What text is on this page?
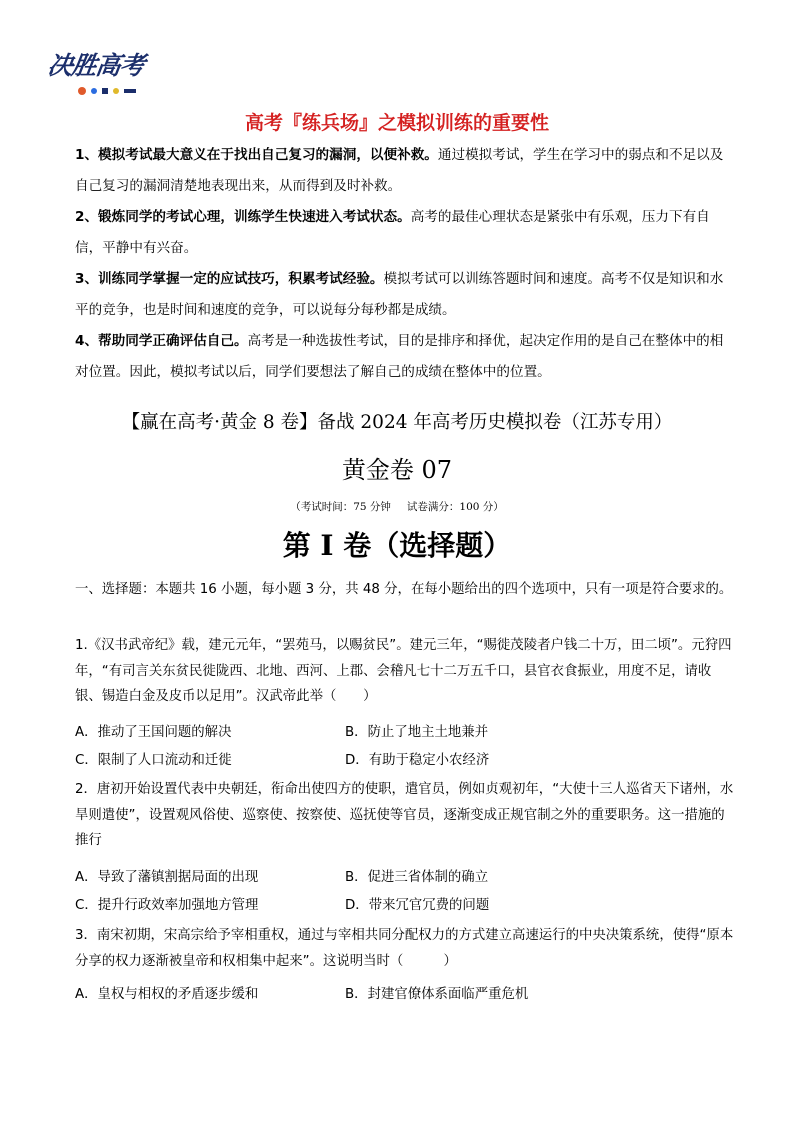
决胜高考
高考『练兵场』之模拟训练的重要性
1、模拟考试最大意义在于找出自己复习的漏洞，以便补救。通过模拟考试，学生在学习中的弱点和不足以及自己复习的漏洞清楚地表现出来，从而得到及时补救。
2、锻炼同学的考试心理，训练学生快速进入考试状态。高考的最佳心理状态是紧张中有乐观，压力下有自信，平静中有兴奋。
3、训练同学掌握一定的应试技巧，积累考试经验。模拟考试可以训练答题时间和速度。高考不仅是知识和水平的竞争，也是时间和速度的竞争，可以说每分每秒都是成绩。
4、帮助同学正确评估自己。高考是一种选拔性考试，目的是排序和择优，起决定作用的是自己在整体中的相对位置。因此，模拟考试以后，同学们要想法了解自己的成绩在整体中的位置。
【赢在高考·黄金 8 卷】备战 2024 年高考历史模拟卷（江苏专用）
黄金卷 07
（考试时间：75 分钟 试卷满分：100 分）
第 I 卷（选择题）
一、选择题：本题共 16 小题，每小题 3 分，共 48 分，在每小题给出的四个选项中，只有一项是符合要求的。
1.《汉书武帝纪》载，建元元年，“罢苑马，以赐贫民”。建元三年，“赐徙茂陵者户钱二十万，田二顷”。元狩四年，“有司言关东贫民徙陇西、北地、西河、上郡、会稽凡七十二万五千口，县官衣食振业，用度不足，请收银、锡造白金及皮币以足用”。汉武帝此举（　　）
A．推动了王国问题的解决	B．防止了地主土地兼并
C．限制了人口流动和迁徙	D．有助于稳定小农经济
2．唐初开始设置代表中央朝廷，衔命出使四方的使职，遣官员，例如贞观初年，“大使十三人巡省天下诸州，水旱则遣使”，设置观风俗使、巡察使、按察使、巡抚使等官员，逐渐变成正规官制之外的重要职务。这一措施的推行
A．导致了藩镇割据局面的出现	B．促进三省体制的确立
C．提升行政效率加强地方管理	D．带来冗官冗费的问题
3．南宋初期，宋高宗给予宰相重权，通过与宰相共同分配权力的方式建立高速运行的中央决策系统，使得“原本分享的权力逐渐被皇帝和权相集中起来”。这说明当时（　　　）
A．皇权与相权的矛盾逐步缓和	B．封建官僚体系面临严重危机
